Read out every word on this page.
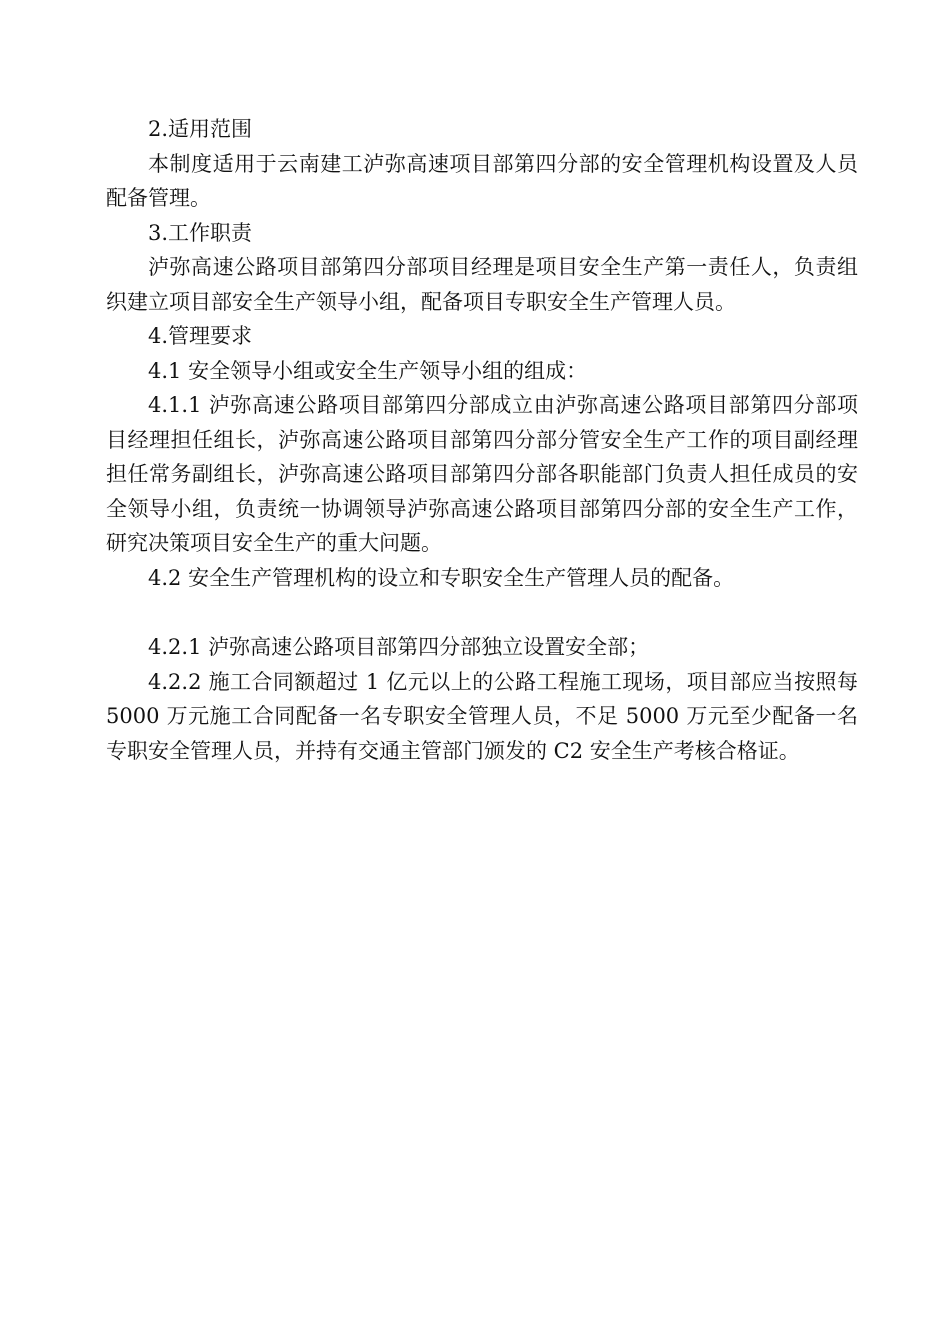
2.适用范围

本制度适用于云南建工泸弥高速项目部第四分部的安全管理机构设置及人员配备管理。

3.工作职责

泸弥高速公路项目部第四分部项目经理是项目安全生产第一责任人，负责组织建立项目部安全生产领导小组，配备项目专职安全生产管理人员。

4.管理要求

4.1 安全领导小组或安全生产领导小组的组成：

4.1.1 泸弥高速公路项目部第四分部成立由泸弥高速公路项目部第四分部项目经理担任组长，泸弥高速公路项目部第四分部分管安全生产工作的项目副经理担任常务副组长，泸弥高速公路项目部第四分部各职能部门负责人担任成员的安全领导小组，负责统一协调领导泸弥高速公路项目部第四分部的安全生产工作，研究决策项目安全生产的重大问题。

4.2 安全生产管理机构的设立和专职安全生产管理人员的配备。

4.2.1 泸弥高速公路项目部第四分部独立设置安全部；

4.2.2 施工合同额超过 1 亿元以上的公路工程施工现场，项目部应当按照每 5000 万元施工合同配备一名专职安全管理人员，不足 5000 万元至少配备一名专职安全管理人员，并持有交通主管部门颁发的 C2 安全生产考核合格证。
